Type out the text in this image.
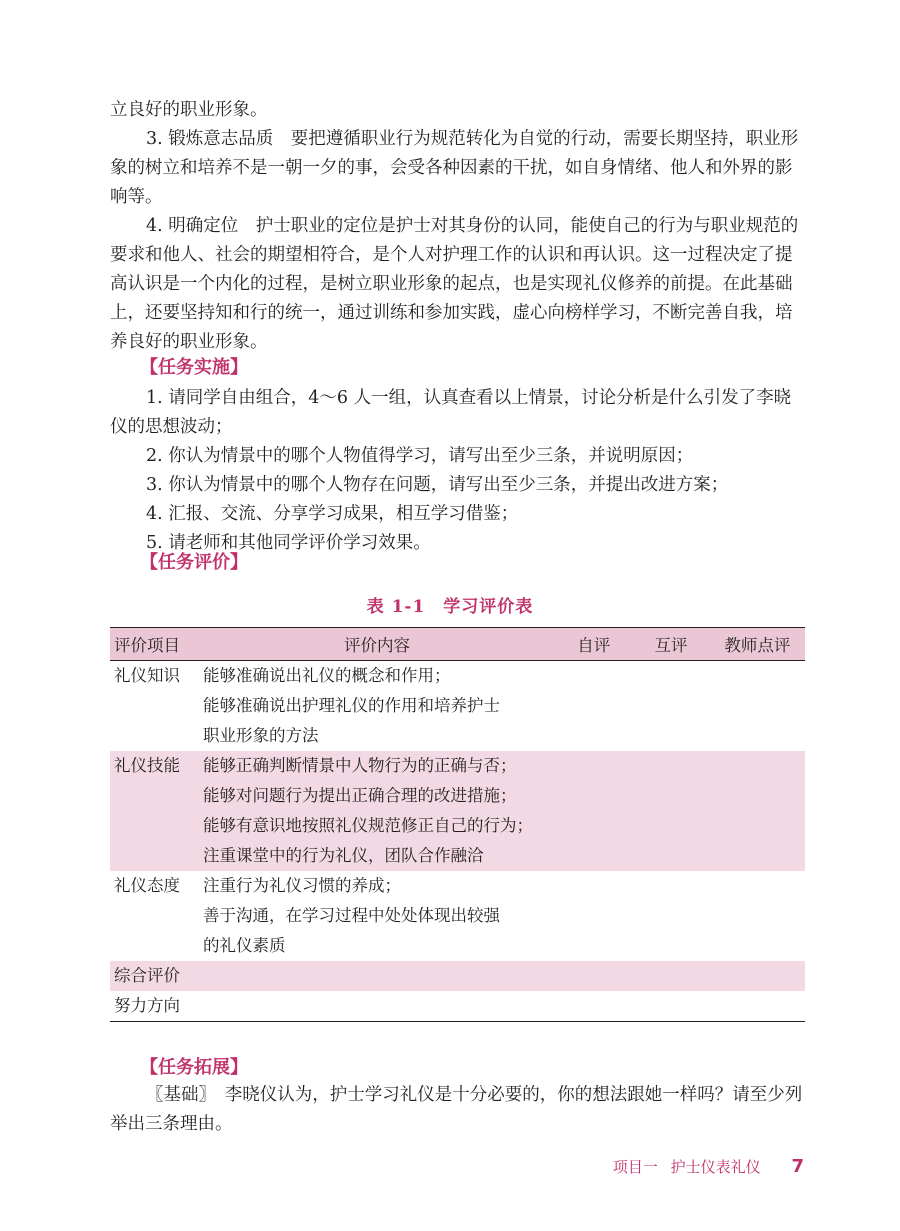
立良好的职业形象。

3. 锻炼意志品质　要把遵循职业行为规范转化为自觉的行动，需要长期坚持，职业形象的树立和培养不是一朝一夕的事，会受各种因素的干扰，如自身情绪、他人和外界的影响等。

4. 明确定位　护士职业的定位是护士对其身份的认同，能使自己的行为与职业规范的要求和他人、社会的期望相符合，是个人对护理工作的认识和再认识。这一过程决定了提高认识是一个内化的过程，是树立职业形象的起点，也是实现礼仪修养的前提。在此基础上，还要坚持知和行的统一，通过训练和参加实践，虚心向榜样学习，不断完善自我，培养良好的职业形象。

【任务实施】
1. 请同学自由组合，4～6 人一组，认真查看以上情景，讨论分析是什么引发了李晓仪的思想波动；
2. 你认为情景中的哪个人物值得学习，请写出至少三条，并说明原因；
3. 你认为情景中的哪个人物存在问题，请写出至少三条，并提出改进方案；
4. 汇报、交流、分享学习成果，相互学习借鉴；
5. 请老师和其他同学评价学习效果。
【任务评价】
表 1-1　学习评价表
评价项目	评价内容	自评	互评	教师点评
礼仪知识	能够准确说出礼仪的概念和作用；
能够准确说出护理礼仪的作用和培养护士
职业形象的方法			

礼仪技能	能够正确判断情景中人物行为的正确与否；
能够对问题行为提出正确合理的改进措施；
能够有意识地按照礼仪规范修正自己的行为；
注重课堂中的行为礼仪，团队合作融洽			

礼仪态度	注重行为礼仪习惯的养成；
善于沟通，在学习过程中处处体现出较强
的礼仪素质			

综合评价				
努力方向				
【任务拓展】

〖基础〗　 李晓仪认为，护士学习礼仪是十分必要的，你的想法跟她一样吗？请至少列举出三条理由。

项目一 护士仪表礼仪 7
